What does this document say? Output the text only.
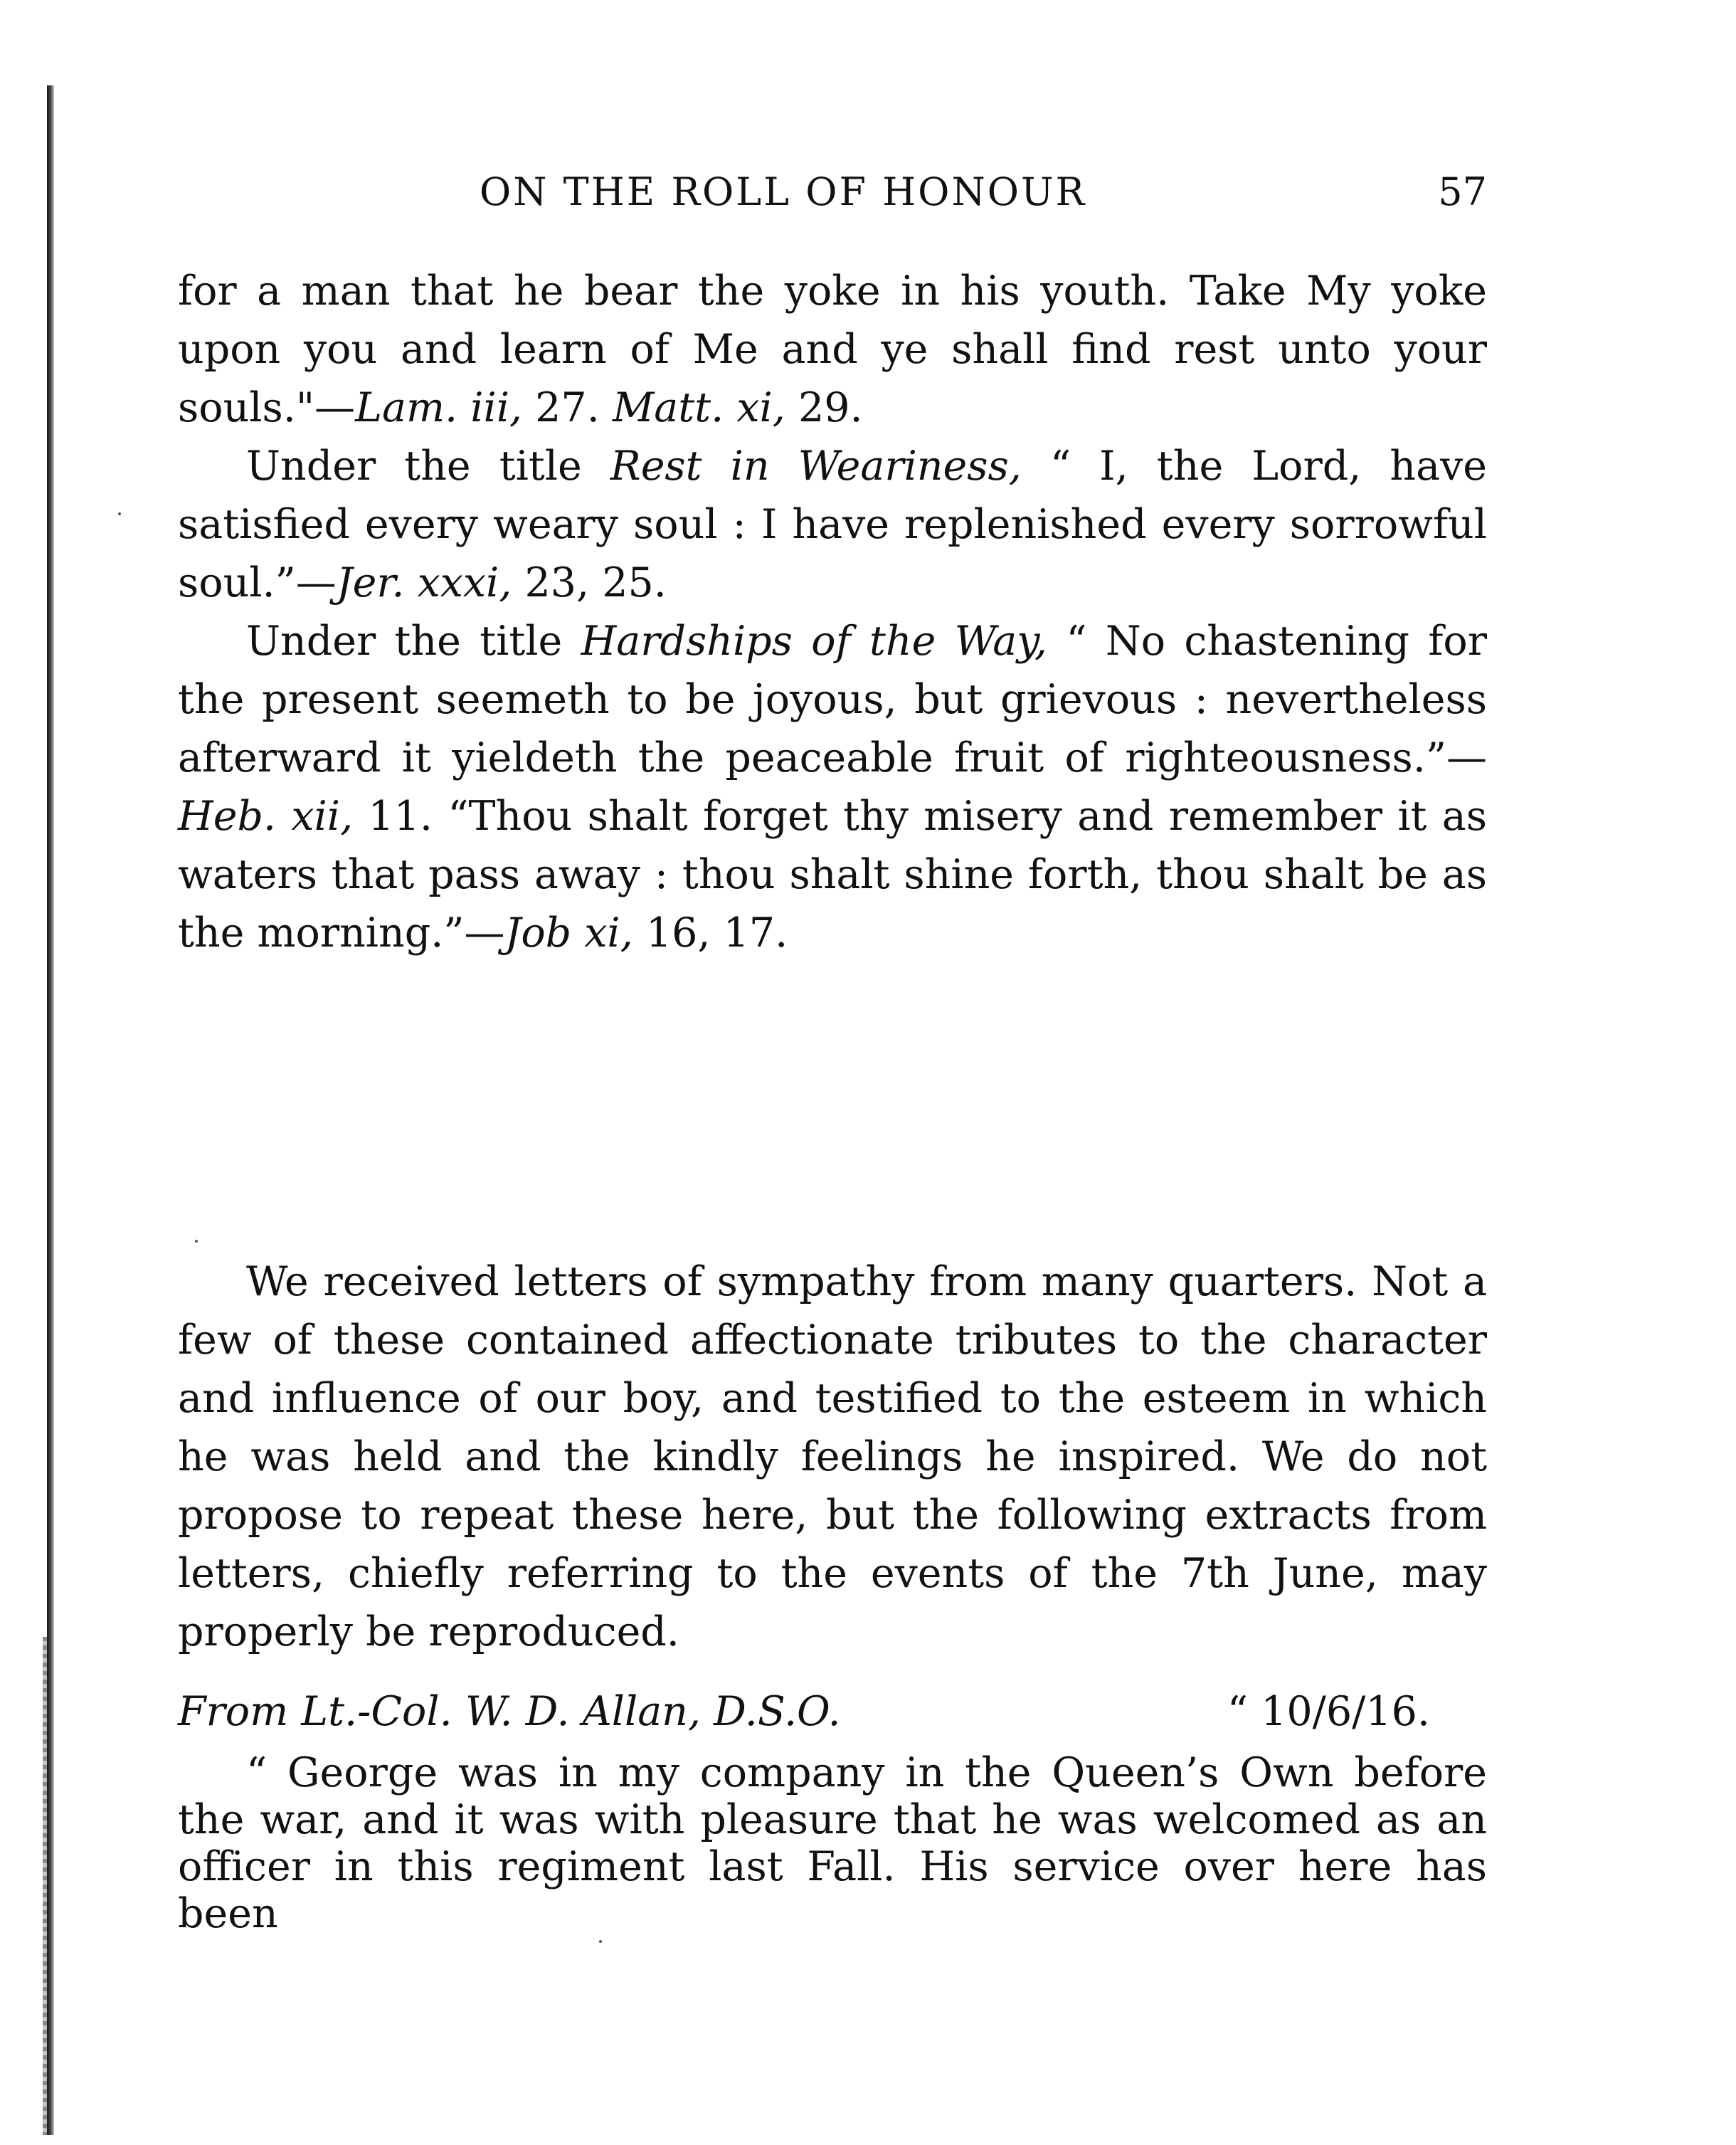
ON THE ROLL OF HONOUR	57

for a man that he bear the yoke in his youth. Take My yoke upon you and learn of Me and ye shall find rest unto your souls."—Lam. iii, 27. Matt. xi, 29.

Under the title Rest in Weariness, “ I, the Lord, have satisfied every weary soul : I have replenished every sorrowful soul.”—Jer. xxxi, 23, 25.

Under the title Hardships of the Way, “ No chastening for the present seemeth to be joyous, but grievous : nevertheless afterward it yieldeth the peaceable fruit of righteousness.”—Heb. xii, 11. “Thou shalt forget thy misery and remember it as waters that pass away : thou shalt shine forth, thou shalt be as the morning.”—Job xi, 16, 17.

We received letters of sympathy from many quarters. Not a few of these contained affectionate tributes to the character and influence of our boy, and testified to the esteem in which he was held and the kindly feelings he inspired. We do not propose to repeat these here, but the following extracts from letters, chiefly referring to the events of the 7th June, may properly be reproduced.

From Lt.-Col. W. D. Allan, D.S.O.	“ 10/6/16.

“ George was in my company in the Queen’s Own before the war, and it was with pleasure that he was welcomed as an officer in this regiment last Fall. His service over here has been
